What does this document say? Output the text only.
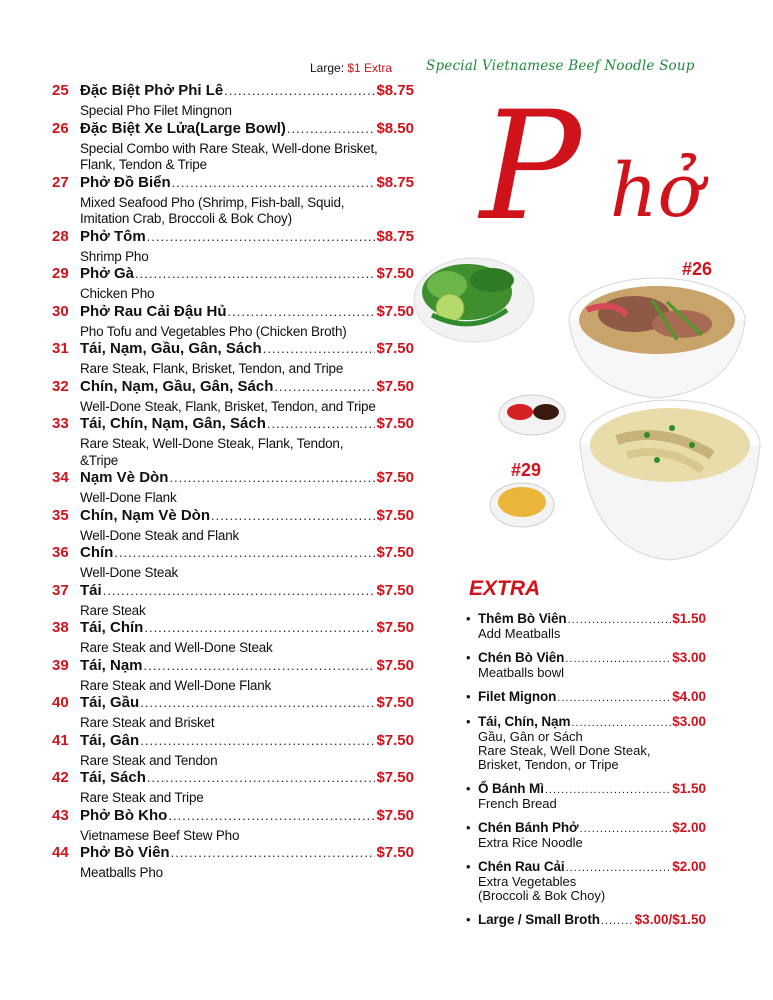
Large: $1 Extra	Special Vietnamese Beef Noodle Soup
P hở
#26
#29
25 Đặc Biệt Phở Phi Lê .....	$8.75
Special Pho Filet Mingnon
26 Đặc Biệt Xe Lửa(Large Bowl) .....	$8.50
Special Combo with Rare Steak, Well-done Brisket,
Flank, Tendon & Tripe
27 Phở Đồ Biển .....	$8.75
Mixed Seafood Pho (Shrimp, Fish-ball, Squid,
Imitation Crab, Broccoli & Bok Choy)
28 Phở Tôm .....	$8.75
Shrimp Pho
29 Phở Gà .....	$7.50
Chicken Pho
30 Phở Rau Cải Đậu Hủ .....	$7.50
Pho Tofu and Vegetables Pho (Chicken Broth)
31 Tái, Nạm, Gầu, Gân, Sách .....	$7.50
Rare Steak, Flank, Brisket, Tendon, and Tripe
32 Chín, Nạm, Gầu, Gân, Sách .....	$7.50
Well-Done Steak, Flank, Brisket, Tendon, and Tripe
33 Tái, Chín, Nạm, Gân, Sách .....	$7.50
Rare Steak, Well-Done Steak, Flank, Tendon,
&Tripe
34 Nạm Vè Dòn .....	$7.50
Well-Done Flank
35 Chín, Nạm Vè Dòn .....	$7.50
Well-Done Steak and Flank
36 Chín .....	$7.50
Well-Done Steak
37 Tái .....	$7.50
Rare Steak
38 Tái, Chín .....	$7.50
Rare Steak and Well-Done Steak
39 Tái, Nạm .....	$7.50
Rare Steak and Well-Done Flank
40 Tái, Gầu .....	$7.50
Rare Steak and Brisket
41 Tái, Gân .....	$7.50
Rare Steak and Tendon
42 Tái, Sách .....	$7.50
Rare Steak and Tripe
43 Phở Bò Kho .....	$7.50
Vietnamese Beef Stew Pho
44 Phở Bò Viên .....	$7.50
Meatballs Pho
EXTRA
• Thêm Bò Viên .....	$1.50
Add Meatballs
• Chén Bò Viên .....	$3.00
Meatballs bowl
• Filet Mignon .....	$4.00
• Tái, Chín, Nạm .....	$3.00
Gầu, Gân or Sách
Rare Steak, Well Done Steak,
Brisket, Tendon, or Tripe
• Ổ Bánh Mì .....	$1.50
French Bread
• Chén Bánh Phở .....	$2.00
Extra Rice Noodle
• Chén Rau Cải .....	$2.00
Extra Vegetables
(Broccoli & Bok Choy)
• Large / Small Broth .....	$3.00/$1.50
